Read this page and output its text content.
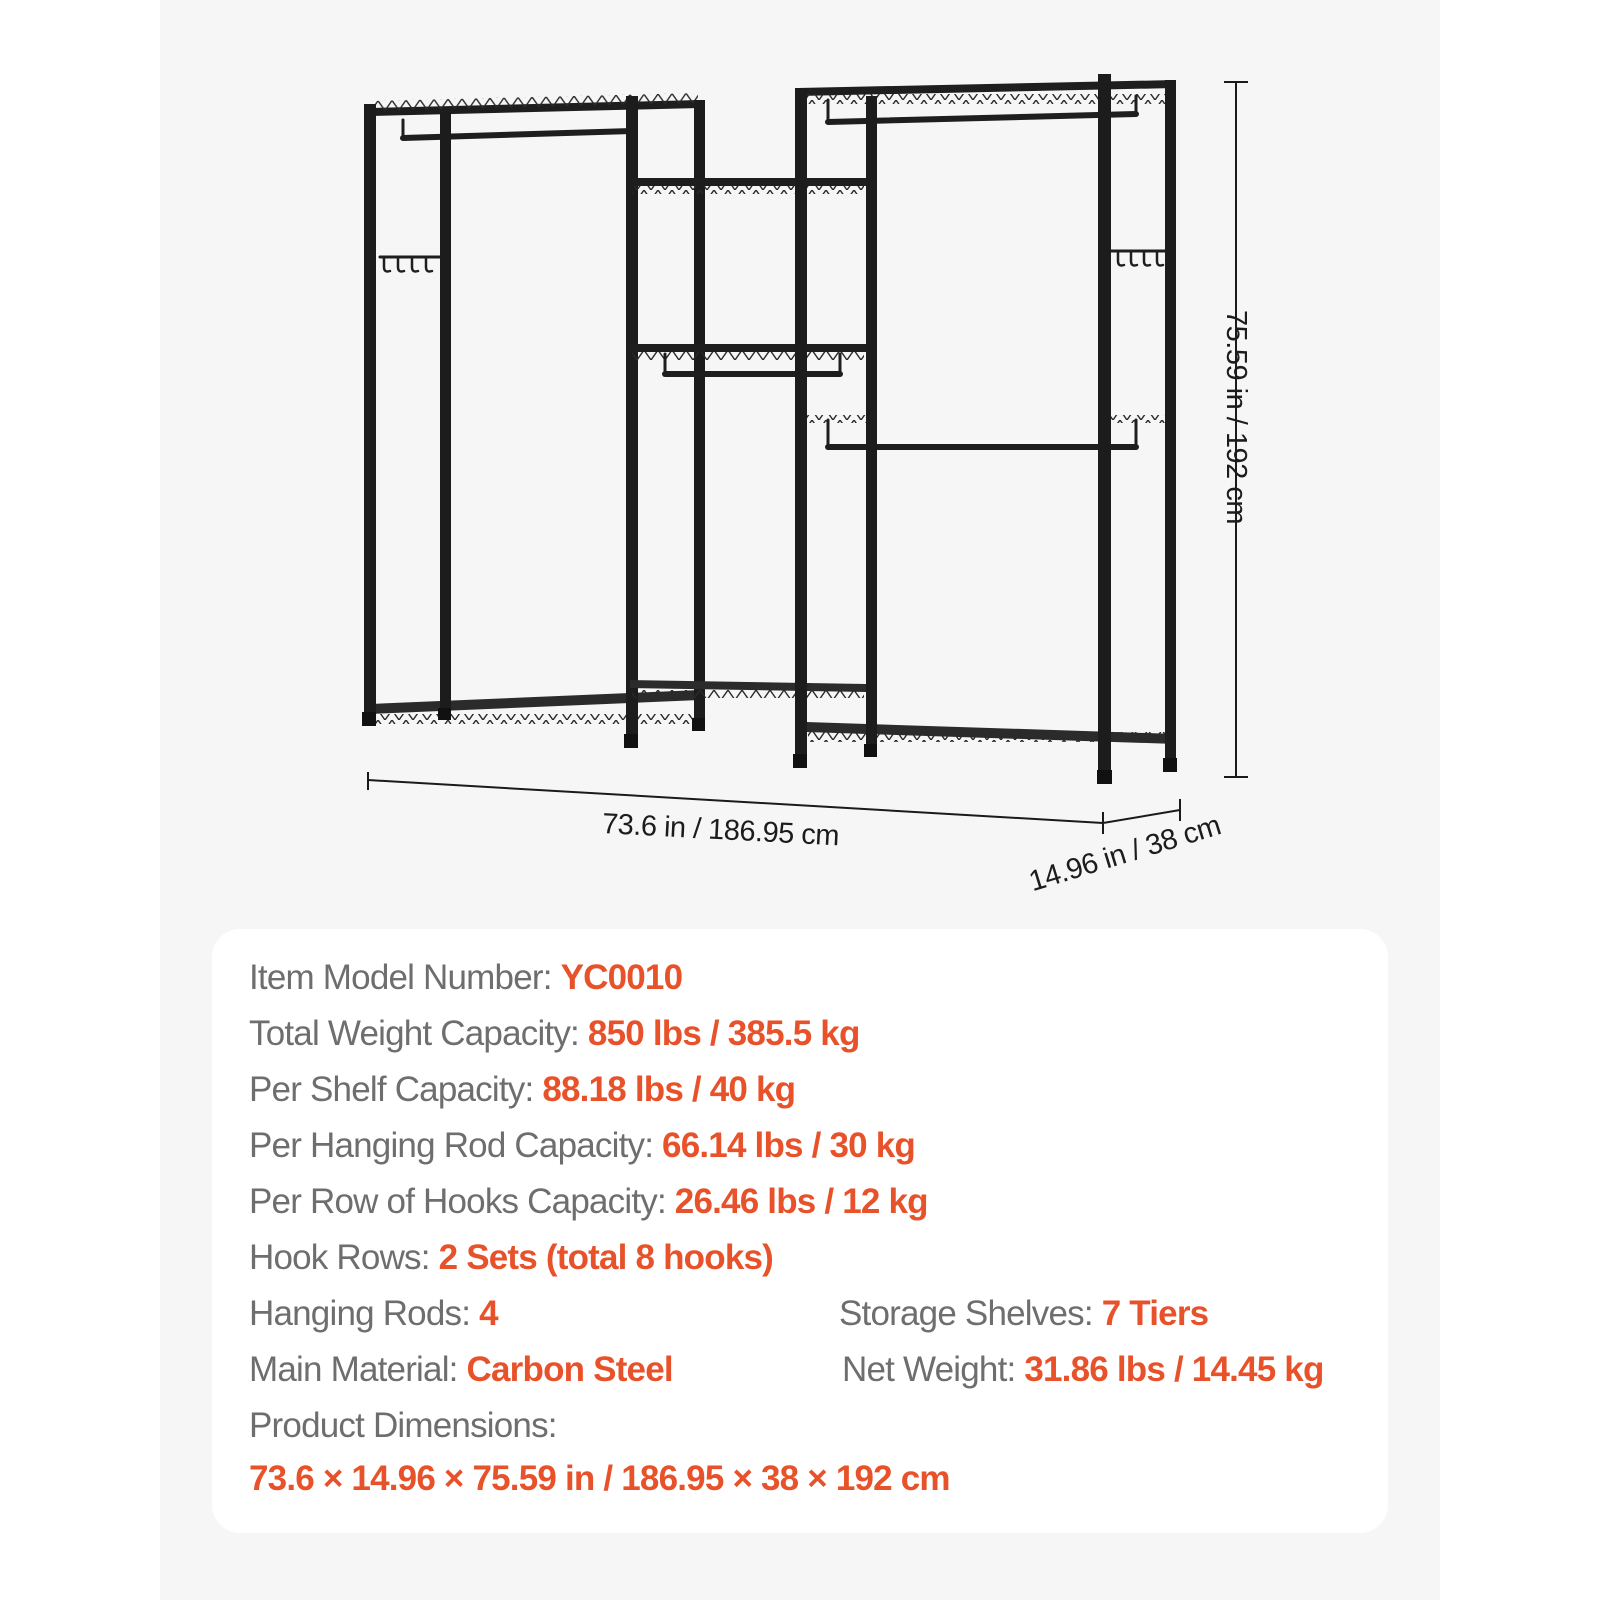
73.6 in / 186.95 cm	14.96 in / 38 cm
75.59 in / 192 cm
Item Model Number: YC0010
Total Weight Capacity: 850 lbs / 385.5 kg
Per Shelf Capacity: 88.18 lbs / 40 kg
Per Hanging Rod Capacity: 66.14 lbs / 30 kg
Per Row of Hooks Capacity: 26.46 lbs / 12 kg
Hook Rows: 2 Sets (total 8 hooks)
Hanging Rods: 4	Storage Shelves: 7 Tiers
Main Material: Carbon Steel	Net Weight: 31.86 lbs / 14.45 kg
Product Dimensions:
73.6 × 14.96 × 75.59 in / 186.95 × 38 × 192 cm
